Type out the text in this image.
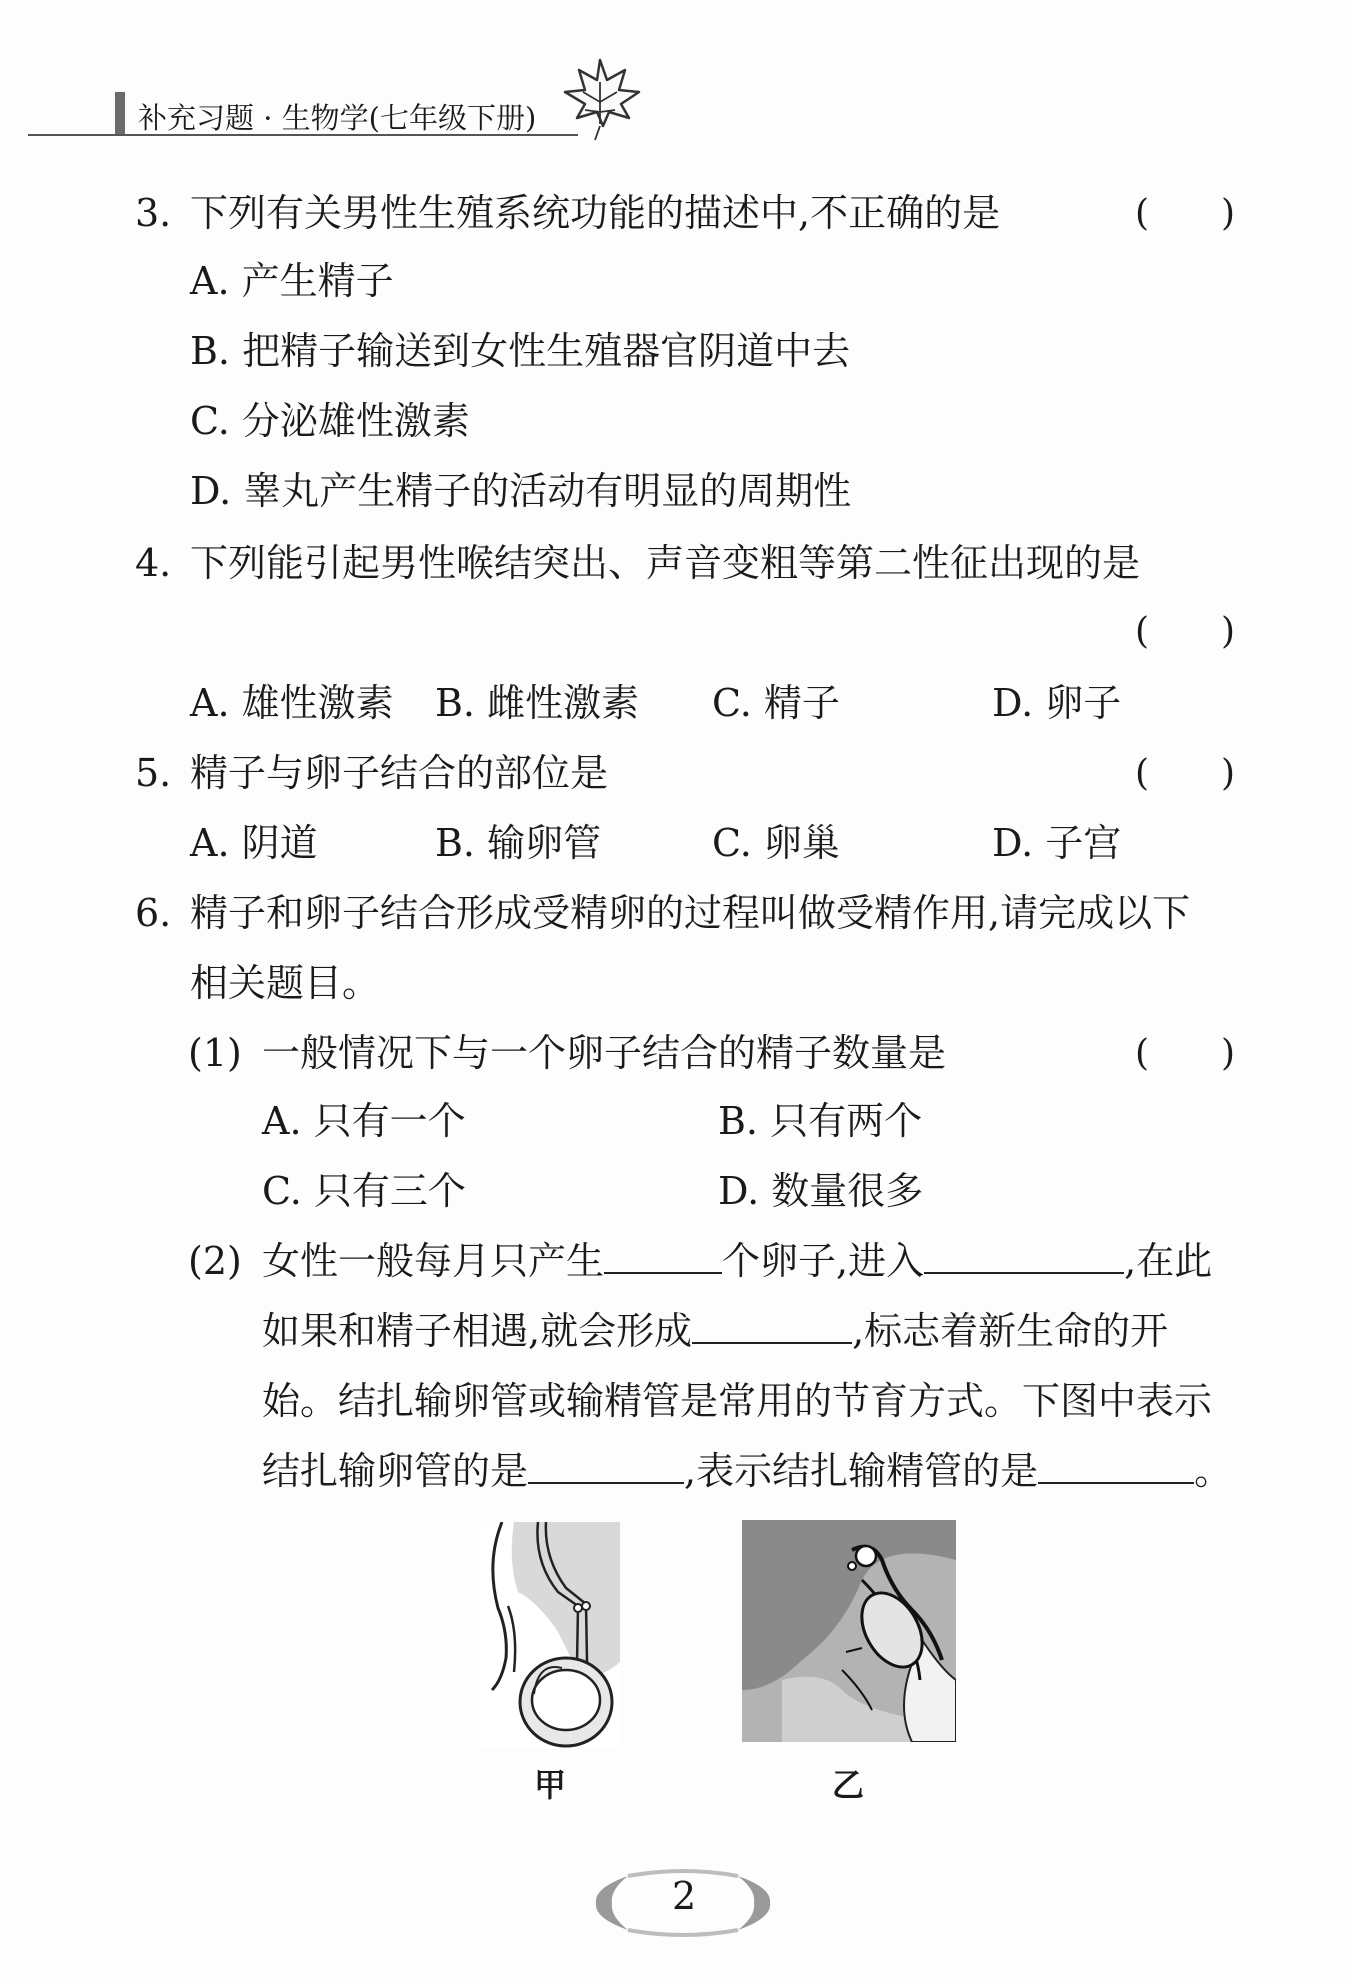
补充习题 · 生物学(七年级下册)
3. 下列有关男性生殖系统功能的描述中,不正确的是	(　　)
A. 产生精子
B. 把精子输送到女性生殖器官阴道中去
C. 分泌雄性激素
D. 睾丸产生精子的活动有明显的周期性
4. 下列能引起男性喉结突出、声音变粗等第二性征出现的是
(　　)
A. 雄性激素 B. 雌性激素 C. 精子	D. 卵子
5. 精子与卵子结合的部位是	(　　)
A. 阴道	B. 输卵管	C. 卵巢	D. 子宫
6. 精子和卵子结合形成受精卵的过程叫做受精作用,请完成以下
相关题目。
(1) 一般情况下与一个卵子结合的精子数量是	(　　)
A. 只有一个	B. 只有两个
C. 只有三个	D. 数量很多
(2) 女性一般每月只产生	个卵子,进入	,在此
如果和精子相遇,就会形成	,标志着新生命的开
始。结扎输卵管或输精管是常用的节育方式。下图中表示
结扎输卵管的是	,表示结扎输精管的是	。
甲	乙
2
